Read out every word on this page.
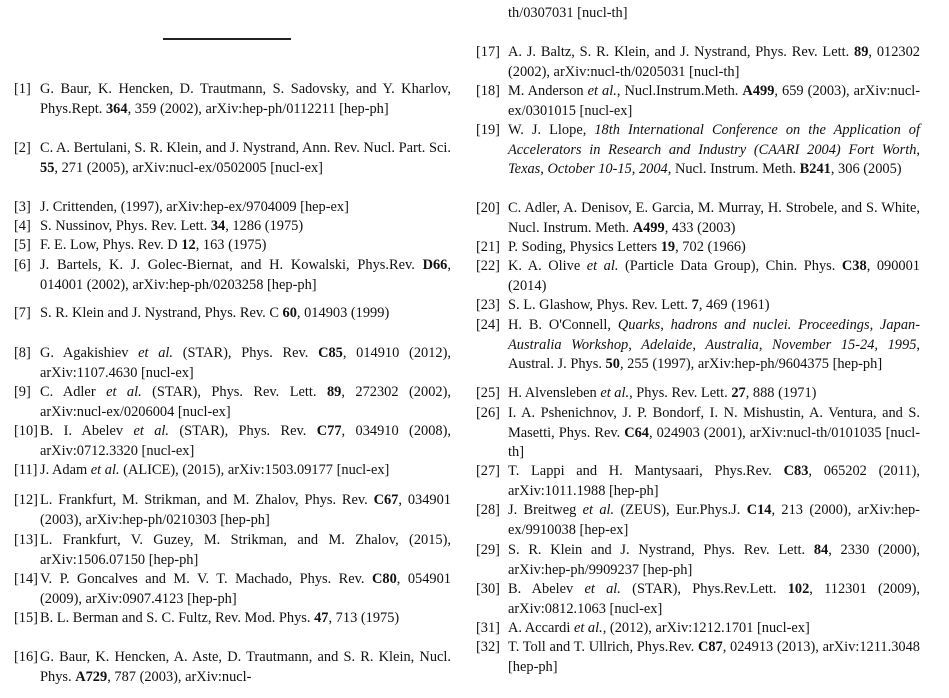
[1] G. Baur, K. Hencken, D. Trautmann, S. Sadovsky, and Y. Kharlov, Phys.Rept. 364, 359 (2002), arXiv:hep-ph/0112211 [hep-ph]
[2] C. A. Bertulani, S. R. Klein, and J. Nystrand, Ann. Rev. Nucl. Part. Sci. 55, 271 (2005), arXiv:nucl-ex/0502005 [nucl-ex]
[3] J. Crittenden, (1997), arXiv:hep-ex/9704009 [hep-ex]
[4] S. Nussinov, Phys. Rev. Lett. 34, 1286 (1975)
[5] F. E. Low, Phys. Rev. D 12, 163 (1975)
[6] J. Bartels, K. J. Golec-Biernat, and H. Kowalski, Phys.Rev. D66, 014001 (2002), arXiv:hep-ph/0203258 [hep-ph]
[7] S. R. Klein and J. Nystrand, Phys. Rev. C 60, 014903 (1999)
[8] G. Agakishiev et al. (STAR), Phys. Rev. C85, 014910 (2012), arXiv:1107.4630 [nucl-ex]
[9] C. Adler et al. (STAR), Phys. Rev. Lett. 89, 272302 (2002), arXiv:nucl-ex/0206004 [nucl-ex]
[10] B. I. Abelev et al. (STAR), Phys. Rev. C77, 034910 (2008), arXiv:0712.3320 [nucl-ex]
[11] J. Adam et al. (ALICE), (2015), arXiv:1503.09177 [nucl-ex]
[12] L. Frankfurt, M. Strikman, and M. Zhalov, Phys. Rev. C67, 034901 (2003), arXiv:hep-ph/0210303 [hep-ph]
[13] L. Frankfurt, V. Guzey, M. Strikman, and M. Zhalov, (2015), arXiv:1506.07150 [hep-ph]
[14] V. P. Goncalves and M. V. T. Machado, Phys. Rev. C80, 054901 (2009), arXiv:0907.4123 [hep-ph]
[15] B. L. Berman and S. C. Fultz, Rev. Mod. Phys. 47, 713 (1975)
[16] G. Baur, K. Hencken, A. Aste, D. Trautmann, and S. R. Klein, Nucl. Phys. A729, 787 (2003), arXiv:nucl-
th/0307031 [nucl-th]
[17] A. J. Baltz, S. R. Klein, and J. Nystrand, Phys. Rev. Lett. 89, 012302 (2002), arXiv:nucl-th/0205031 [nucl-th]
[18] M. Anderson et al., Nucl.Instrum.Meth. A499, 659 (2003), arXiv:nucl-ex/0301015 [nucl-ex]
[19] W. J. Llope, 18th International Conference on the Application of Accelerators in Research and Industry (CAARI 2004) Fort Worth, Texas, October 10-15, 2004, Nucl. Instrum. Meth. B241, 306 (2005)
[20] C. Adler, A. Denisov, E. Garcia, M. Murray, H. Strobele, and S. White, Nucl. Instrum. Meth. A499, 433 (2003)
[21] P. Soding, Physics Letters 19, 702 (1966)
[22] K. A. Olive et al. (Particle Data Group), Chin. Phys. C38, 090001 (2014)
[23] S. L. Glashow, Phys. Rev. Lett. 7, 469 (1961)
[24] H. B. O'Connell, Quarks, hadrons and nuclei. Proceedings, Japan-Australia Workshop, Adelaide, Australia, November 15-24, 1995, Austral. J. Phys. 50, 255 (1997), arXiv:hep-ph/9604375 [hep-ph]
[25] H. Alvensleben et al., Phys. Rev. Lett. 27, 888 (1971)
[26] I. A. Pshenichnov, J. P. Bondorf, I. N. Mishustin, A. Ventura, and S. Masetti, Phys. Rev. C64, 024903 (2001), arXiv:nucl-th/0101035 [nucl-th]
[27] T. Lappi and H. Mantysaari, Phys.Rev. C83, 065202 (2011), arXiv:1011.1988 [hep-ph]
[28] J. Breitweg et al. (ZEUS), Eur.Phys.J. C14, 213 (2000), arXiv:hep-ex/9910038 [hep-ex]
[29] S. R. Klein and J. Nystrand, Phys. Rev. Lett. 84, 2330 (2000), arXiv:hep-ph/9909237 [hep-ph]
[30] B. Abelev et al. (STAR), Phys.Rev.Lett. 102, 112301 (2009), arXiv:0812.1063 [nucl-ex]
[31] A. Accardi et al., (2012), arXiv:1212.1701 [nucl-ex]
[32] T. Toll and T. Ullrich, Phys.Rev. C87, 024913 (2013), arXiv:1211.3048 [hep-ph]
